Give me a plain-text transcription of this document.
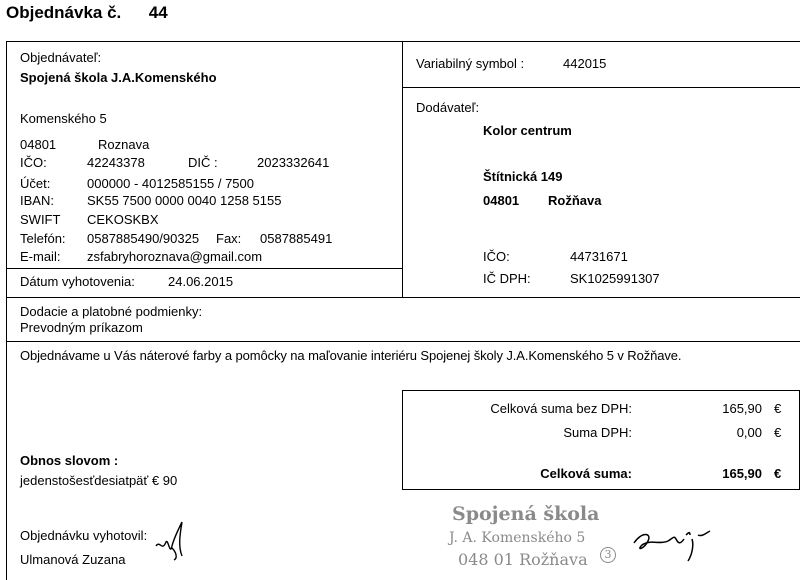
Objednávka č. 44
Objednávateľ:
Spojená škola J.A.Komenského
Komenského 5
04801	Roznava
IČO:	42243378	DIČ :	2023332641
Účet:	000000 - 4012585155 / 7500
IBAN:	SK55 7500 0000 0040 1258 5155
SWIFT CEKOSKBX
Telefón: 0587885490/90325 Fax: 0587885491
E-mail: zsfabryhoroznava@gmail.com
Dátum vyhotovenia:	24.06.2015
Variabilný symbol :	442015
Dodávateľ:
Kolor centrum
Štítnická 149
04801 Rožňava
IČO:	44731671
IČ DPH:	SK1025991307
Dodacie a platobné podmienky:
Prevodným príkazom
Objednávame u Vás náterové farby a pomôcky na maľovanie interiéru Spojenej školy J.A.Komenského 5 v Rožňave.
Celková suma bez DPH:	165,90 €
Suma DPH:	0,00 €
Celková suma:	165,90 €
Obnos slovom :
jedenstošesťdesiatpäť € 90
Objednávku vyhotovil:
Ulmanová Zuzana
Spojená škola
J. A. Komenského 5
048 01 Rožňava	3
